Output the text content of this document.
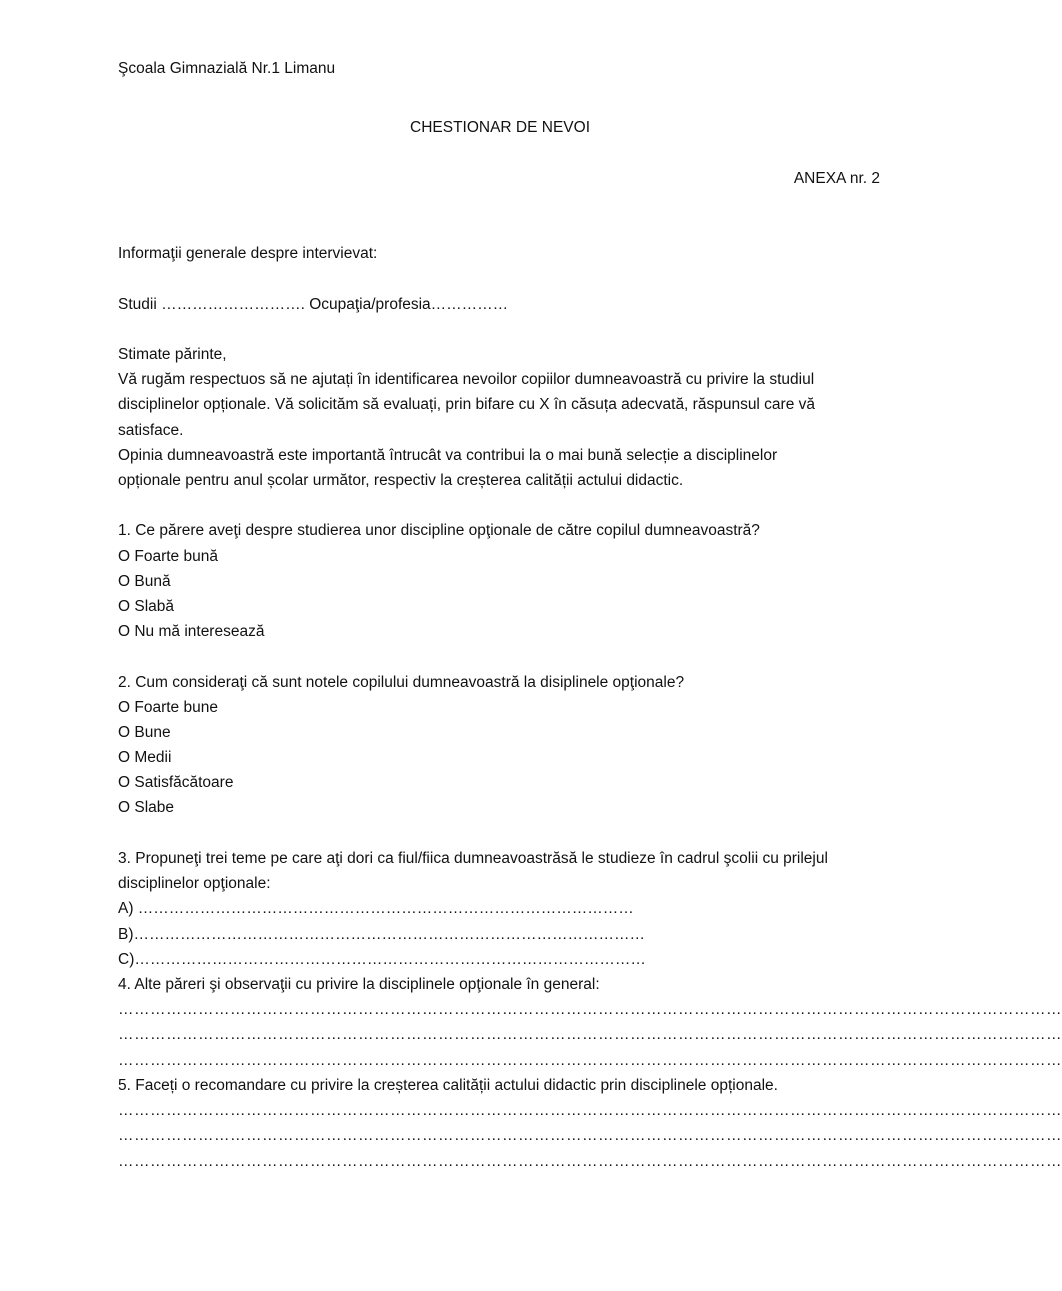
Şcoala Gimnazială Nr.1 Limanu
CHESTIONAR DE NEVOI
ANEXA nr. 2
Informaţii generale despre intervievat:
Studii ………………………. Ocupaţia/profesia……………
Stimate părinte,
Vă rugăm respectuos să ne ajutați în identificarea nevoilor copiilor dumneavoastră cu privire la studiul
disciplinelor opționale. Vă solicităm să evaluați, prin bifare cu X în căsuța adecvată, răspunsul care vă
satisface.
Opinia dumneavoastră este importantă întrucât va contribui la o mai bună selecție a disciplinelor
opționale pentru anul școlar următor, respectiv la creșterea calității actului didactic.
1. Ce părere aveţi despre studierea unor discipline opţionale de către copilul dumneavoastră?
O Foarte bună
O Bună
O Slabă
O Nu mă interesează
2. Cum consideraţi că sunt notele copilului dumneavoastră la disiplinele opţionale?
O Foarte bune
O Bune
O Medii
O Satisfăcătoare
O Slabe
3. Propuneţi trei teme pe care aţi dori ca fiul/fiica dumneavoastrăsă le studieze în cadrul şcolii cu prilejul
disciplinelor opţionale:
A) ……………………………………………………………………………………
B)………………………………………………………………………………………
C)………………………………………………………………………………………
4. Alte păreri şi observaţii cu privire la disciplinele opţionale în general:
……………………………………………………………………………………………………………………………………………………………
……………………………………………………………………………………………………………………………………………………………
……………………………………………………………………………………………………………………………………………………………
5. Faceți o recomandare cu privire la creșterea calității actului didactic prin disciplinele opționale.
……………………………………………………………………………………………………………………………………………………………
……………………………………………………………………………………………………………………………………………………………
……………………………………………………………………………………………………………………………………………………………
